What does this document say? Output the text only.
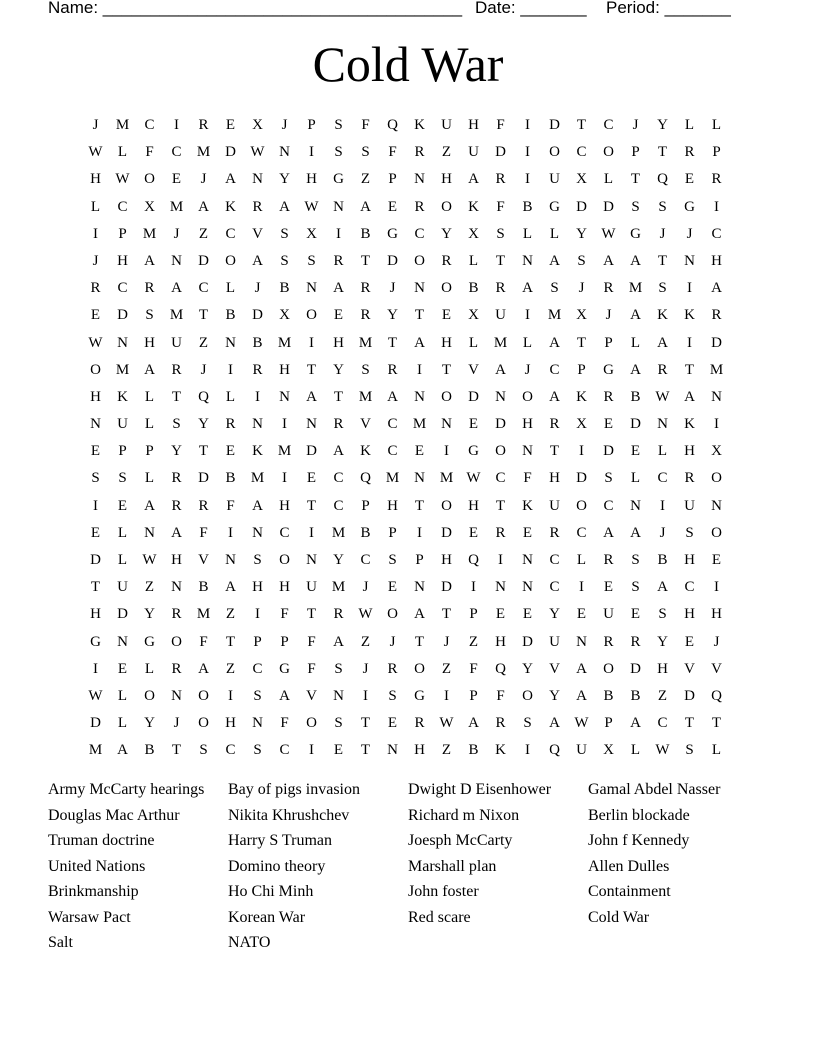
Name: ______________________________________ Date: _______ Period: _______
Cold War
J	M	C	I	R	E	X	J	P	S	F	Q	K	U	H	F	I	D	T	C	J	Y	L	L
W	L	F	C	M D W N	I	S	S	F	R	Z	U	D	I	O	C	O	P	T	R	P
H W O	E	J	A	N	Y	H	G	Z	P	N	H	A	R	I	U	X	L	T	Q	E	R
L	C	X M A	K	R	A W N	A	E	R	O	K	F	B	G	D	D	S	S	G	I
I	P	M	J	Z	C	V	S	X	I	B	G	C	Y	X	S	L	L	Y W G	J	J	C
J	H	A	N	D	O	A	S	S	R	T	D	O	R	L	T	N	A	S	A	A	T	N	H
R	C	R	A	C	L	J	B	N	A	R	J	N	O	B	R	A	S	J	R	M	S	I	A
E	D	S	M	T	B	D	X	O	E	R	Y	T	E	X	U	I	M X	J	A	K	K	R
W N	H	U	Z	N	B	M	I	H M	T	A	H	L	M	L	A	T	P	L	A	I	D
O M A	R	J	I	R	H	T	Y	S	R	I	T	V	A	J	C	P	G	A	R	T	M
H	K	L	T	Q	L	I	N	A	T	M A	N	O	D	N	O	A	K	R	B W A	N
N	U	L	S	Y	R	N	I	N	R	V	C	M N	E	D	H	R	X	E	D	N	K	I
E	P	P	Y	T	E	K M D	A	K	C	E	I	G	O	N	T	I	D	E	L	H	X
S	S	L	R	D	B	M	I	E	C	Q M N M W C	F	H	D	S	L	C	R	O
I	E	A	R	R	F	A	H	T	C	P	H	T	O	H	T	K	U	O	C	N	I	U	N
E	L	N	A	F	I	N	C	I	M	B	P	I	D	E	R	E	R	C	A	A	J	S	O
D	L	W H	V	N	S	O	N	Y	C	S	P	H	Q	I	N	C	L	R	S	B	H	E
T	U	Z	N	B	A	H	H	U M	J	E	N	D	I	N	N	C	I	E	S	A	C	I
H	D	Y	R	M	Z	I	F	T	R W O	A	T	P	E	E	Y	E	U	E	S	H	H
G	N	G	O	F	T	P	P	F	A	Z	J	T	J	Z	H	D	U	N	R	R	Y	E	J
I	E	L	R	A	Z	C	G	F	S	J	R	O	Z	F	Q	Y	V	A	O	D	H	V	V
W	L	O	N	O	I	S	A	V	N	I	S	G	I	P	F	O	Y	A	B	B	Z	D	Q
D	L	Y	J	O	H	N	F	O	S	T	E	R W A	R	S	A W	P	A	C	T	T
M A	B	T	S	C	S	C	I	E	T	N	H	Z	B	K	I	Q	U	X	L	W	S	L
Army McCarty hearings	Bay of pigs invasion	Dwight D Eisenhower	Gamal Abdel Nasser
Douglas Mac Arthur	Nikita Khrushchev	Richard m Nixon	Berlin blockade
Truman doctrine	Harry S Truman	Joesph McCarty	John f Kennedy
United Nations	Domino theory	Marshall plan	Allen Dulles
Brinkmanship	Ho Chi Minh	John foster	Containment
Warsaw Pact	Korean War	Red scare	Cold War
Salt	NATO
